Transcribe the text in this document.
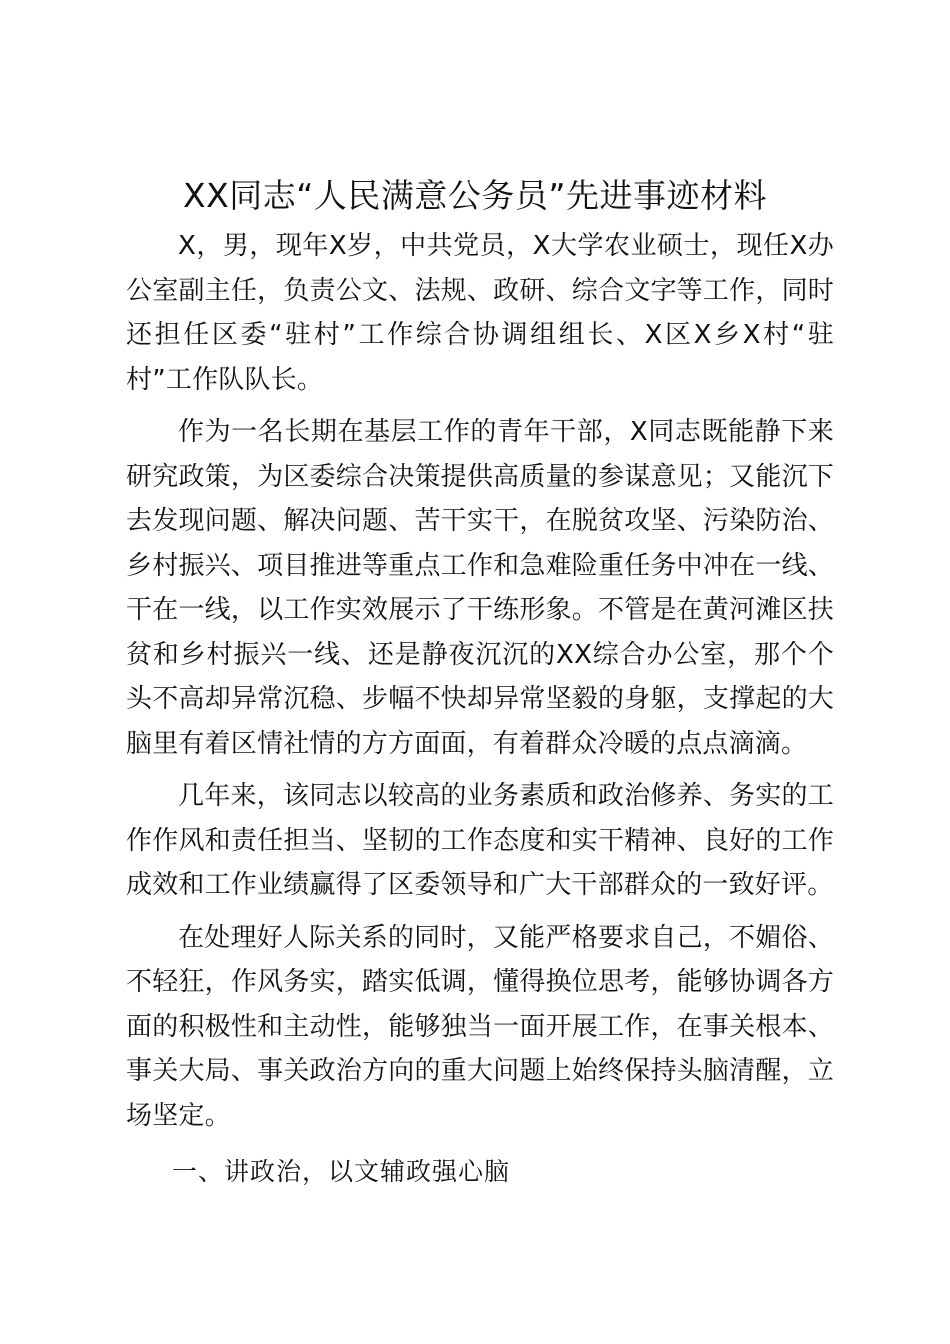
XX同志“人民满意公务员”先进事迹材料

X，男，现年X岁，中共党员，X大学农业硕士，现任X办公室副主任，负责公文、法规、政研、综合文字等工作，同时还担任区委“驻村”工作综合协调组组长、X区X乡X村“驻村”工作队队长。

作为一名长期在基层工作的青年干部，X同志既能静下来研究政策，为区委综合决策提供高质量的参谋意见；又能沉下去发现问题、解决问题、苦干实干，在脱贫攻坚、污染防治、乡村振兴、项目推进等重点工作和急难险重任务中冲在一线、干在一线，以工作实效展示了干练形象。不管是在黄河滩区扶贫和乡村振兴一线、还是静夜沉沉的XX综合办公室，那个个头不高却异常沉稳、步幅不快却异常坚毅的身躯，支撑起的大脑里有着区情社情的方方面面，有着群众冷暖的点点滴滴。

几年来，该同志以较高的业务素质和政治修养、务实的工作作风和责任担当、坚韧的工作态度和实干精神、良好的工作成效和工作业绩赢得了区委领导和广大干部群众的一致好评。

在处理好人际关系的同时，又能严格要求自己，不媚俗、不轻狂，作风务实，踏实低调，懂得换位思考，能够协调各方面的积极性和主动性，能够独当一面开展工作，在事关根本、事关大局、事关政治方向的重大问题上始终保持头脑清醒，立场坚定。

一、讲政治，以文辅政强心脑
